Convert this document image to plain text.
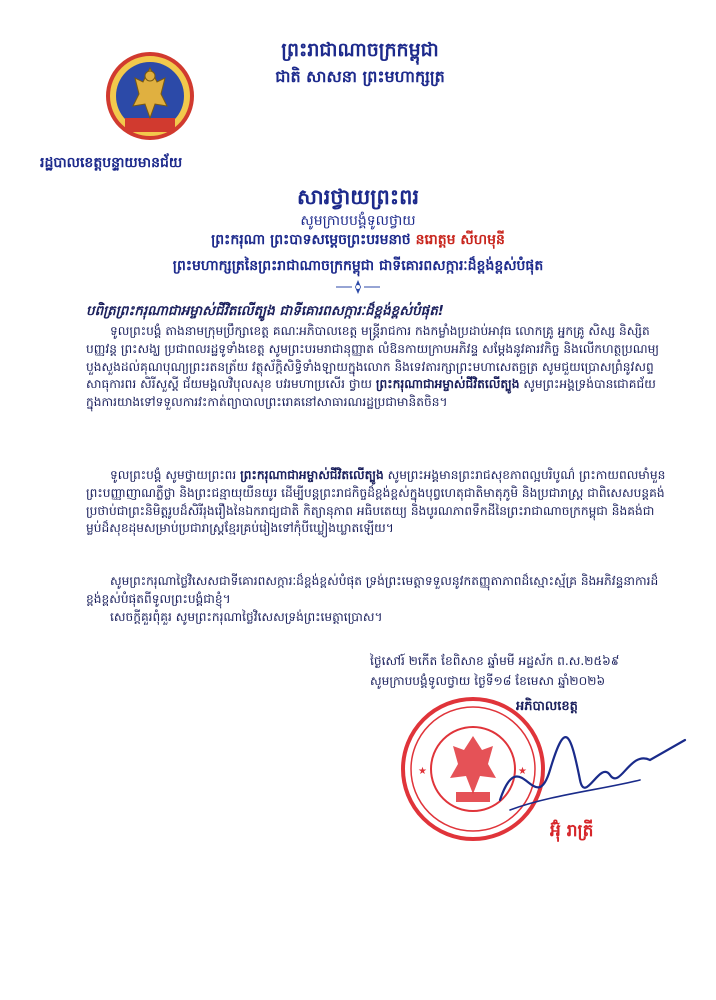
ព្រះរាជាណាចក្រកម្ពុជា
ជាតិ សាសនា ព្រះមហាក្សត្រ
រដ្ឋបាលខេត្តបន្ទាយមានជ័យ
សារថ្វាយព្រះពរ
សូមក្រាបបង្គំទូលថ្វាយ
ព្រះករុណា ព្រះបាទសម្តេចព្រះបរមនាថ នរោត្តម សីហមុនី
ព្រះមហាក្សត្រនៃព្រះរាជាណាចក្រកម្ពុជា ជាទីគោរពសក្ការៈដ៏ខ្ពង់ខ្ពស់បំផុត
បពិត្រព្រះករុណាជាអម្ចាស់ជីវិតលើត្បូង ជាទីគោរពសក្ការៈដ៏ខ្ពង់ខ្ពស់បំផុត!

ទូលព្រះបង្គំ តាងនាមក្រុមប្រឹក្សាខេត្ត គណៈអភិបាលខេត្ត មន្ត្រីរាជការ កងកម្លាំងប្រដាប់អាវុធ លោកគ្រូ អ្នកគ្រូ សិស្ស និស្សិត បញ្ញវន្ត ព្រះសង្ឃ ប្រជាពលរដ្ឋទូទាំងខេត្ត សូមព្រះបរមរាជានុញ្ញាត លំឱនកាយក្រាបអភិវន្ទ សម្តែងនូវគារវកិច្ច និងលើកហត្ថប្រណម្យបួងសួងដល់គុណបុណ្យព្រះរតនត្រ័យ វត្ថុស័ក្តិសិទ្ធិទាំងឡាយក្នុងលោក និងទេវតារក្សាព្រះមហាសេតច្ឆត្រ សូមជួយប្រោសព្រំនូវសព្ទសាធុការពរ សិរីសួស្តី ជ័យមង្គលវិបុលសុខ បវរមហាប្រសើរ ថ្វាយ ព្រះករុណាជាអម្ចាស់ជីវិតលើត្បូង សូមព្រះអង្គទ្រង់បានជោគជ័យក្នុងការយាងទៅទទួលការវះកាត់ព្យាបាលព្រះរោគនៅសាធារណរដ្ឋប្រជាមានិតចិន។

ទូលព្រះបង្គំ សូមថ្វាយព្រះពរ ព្រះករុណាជាអម្ចាស់ជីវិតលើត្បូង សូមព្រះអង្គមានព្រះរាជសុខភាពល្អបរិបូណ៌ ព្រះកាយពលមាំមួន ព្រះបញ្ញាញាណភ្លឺថ្លា និងព្រះជន្មាយុយឺនយូរ ដើម្បីបន្តព្រះរាជកិច្ចដ៏ខ្ពង់ខ្ពស់ក្នុងបុព្វហេតុជាតិមាតុភូមិ និងប្រជារាស្ត្រ ជាពិសេសបន្តគង់ប្រថាប់ជាព្រះនិមិត្តរូបដ៏សិរីរុងរឿងនៃឯករាជ្យជាតិ កិត្យានុភាព អធិបតេយ្យ និងបូរណភាពទឹកដីនៃព្រះរាជាណាចក្រកម្ពុជា និងគង់ជាម្លប់ដ៏សុខដុមសម្រាប់ប្រជារាស្ត្រខ្មែរគ្រប់រៀងទៅកុំបីឃ្លៀងឃ្លាតឡើយ។

សូមព្រះករុណាថ្លៃវិសេសជាទីគោរពសក្ការៈដ៏ខ្ពង់ខ្ពស់បំផុត ទ្រង់ព្រះមេត្តាទទួលនូវកតញ្ញុតាភាពដ៏ស្មោះស្ម័គ្រ និងអភិវន្ទនាការដ៏ខ្ពង់ខ្ពស់បំផុតពីទូលព្រះបង្គំជាខ្ញុំ។

សេចក្តីគួរពុំគួរ សូមព្រះករុណាថ្លៃវិសេសទ្រង់ព្រះមេត្តាប្រោស។

ថ្ងៃសៅរ៍ ២កើត ខែពិសាខ ឆ្នាំមមី អដ្ឋស័ក ព.ស.២៥៦៩
សូមក្រាបបង្គំទូលថ្វាយ ថ្ងៃទី១៨ ខែមេសា ឆ្នាំ២០២៦
★	★
អភិបាលខេត្ត
អ៊ុំ រាត្រី
